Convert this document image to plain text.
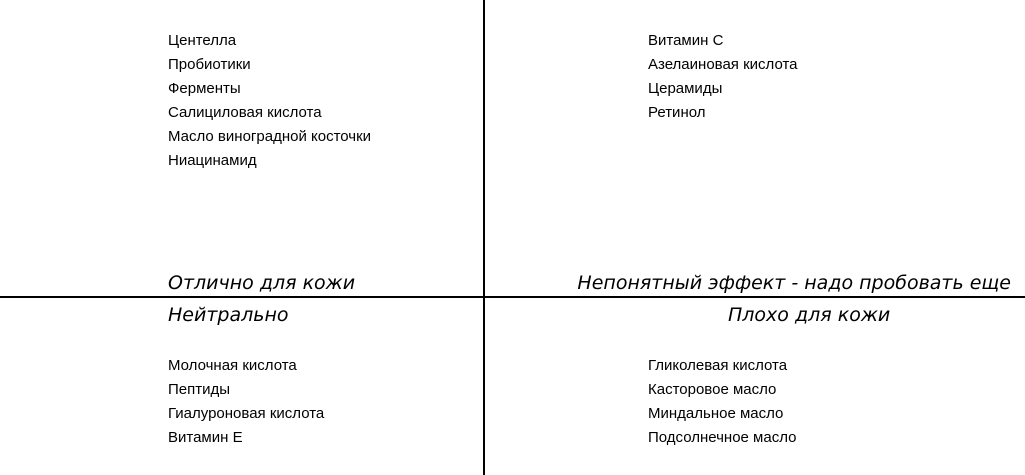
Центелла
Пробиотики
Ферменты
Салициловая кислота
Масло виноградной косточки
Ниацинамид
Отлично для кожи
Витамин С
Азелаиновая кислота
Церамиды
Ретинол
Непонятный эффект - надо пробовать еще
Нейтрально
Молочная кислота
Пептиды
Гиалуроновая кислота
Витамин Е
Плохо для кожи
Гликолевая кислота
Касторовое масло
Миндальное масло
Подсолнечное масло
